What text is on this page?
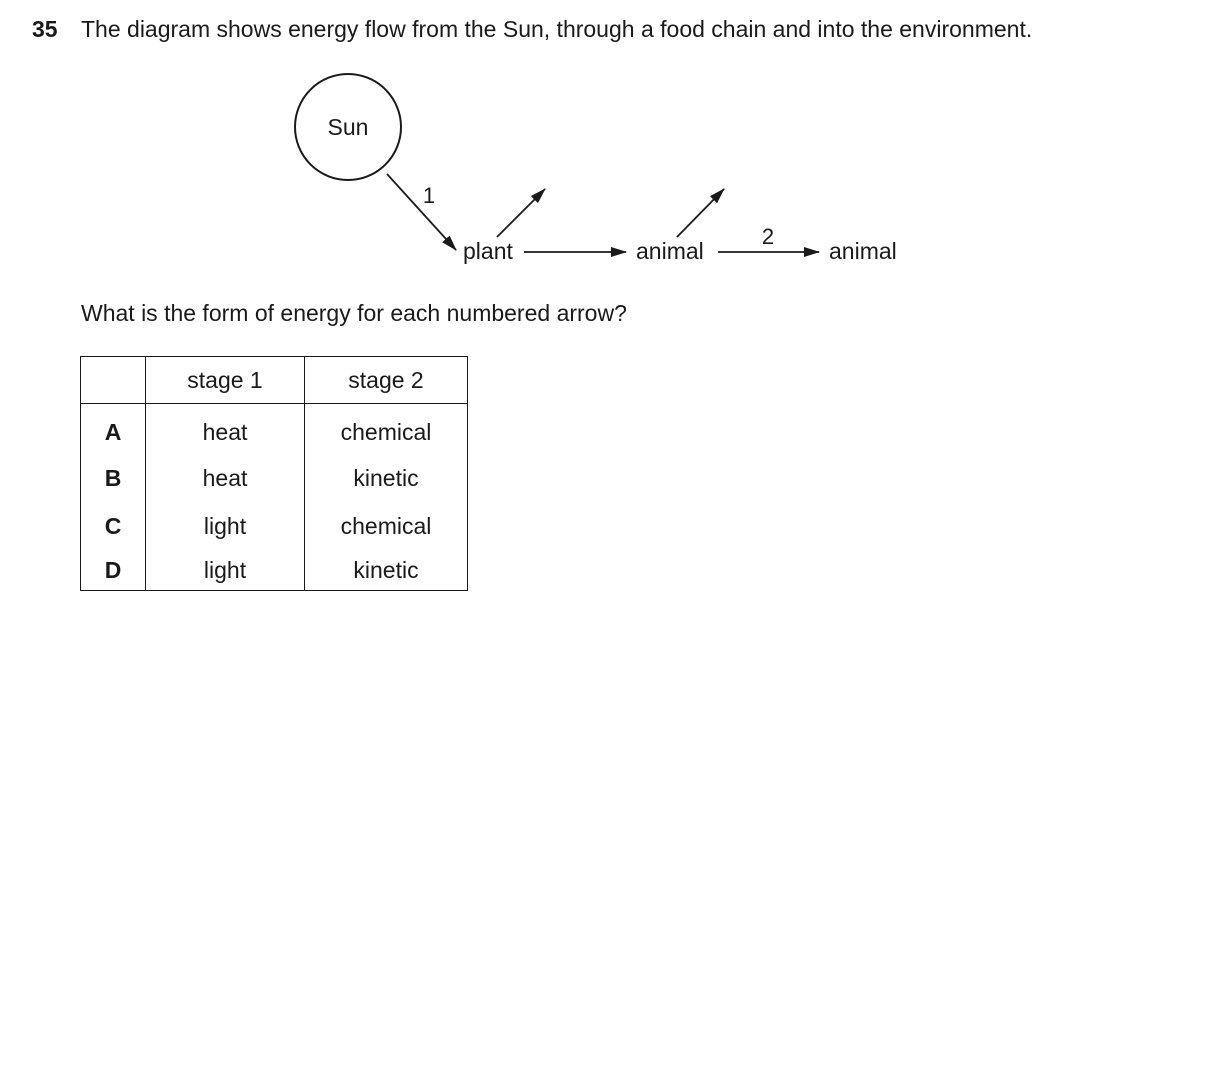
35 The diagram shows energy flow from the Sun, through a food chain and into the environment.
Sun
1
plant	animal
2
animal
What is the form of energy for each numbered arrow?
	stage 1	stage 2
A	heat	chemical
B	heat	kinetic
C	light	chemical
D	light	kinetic
